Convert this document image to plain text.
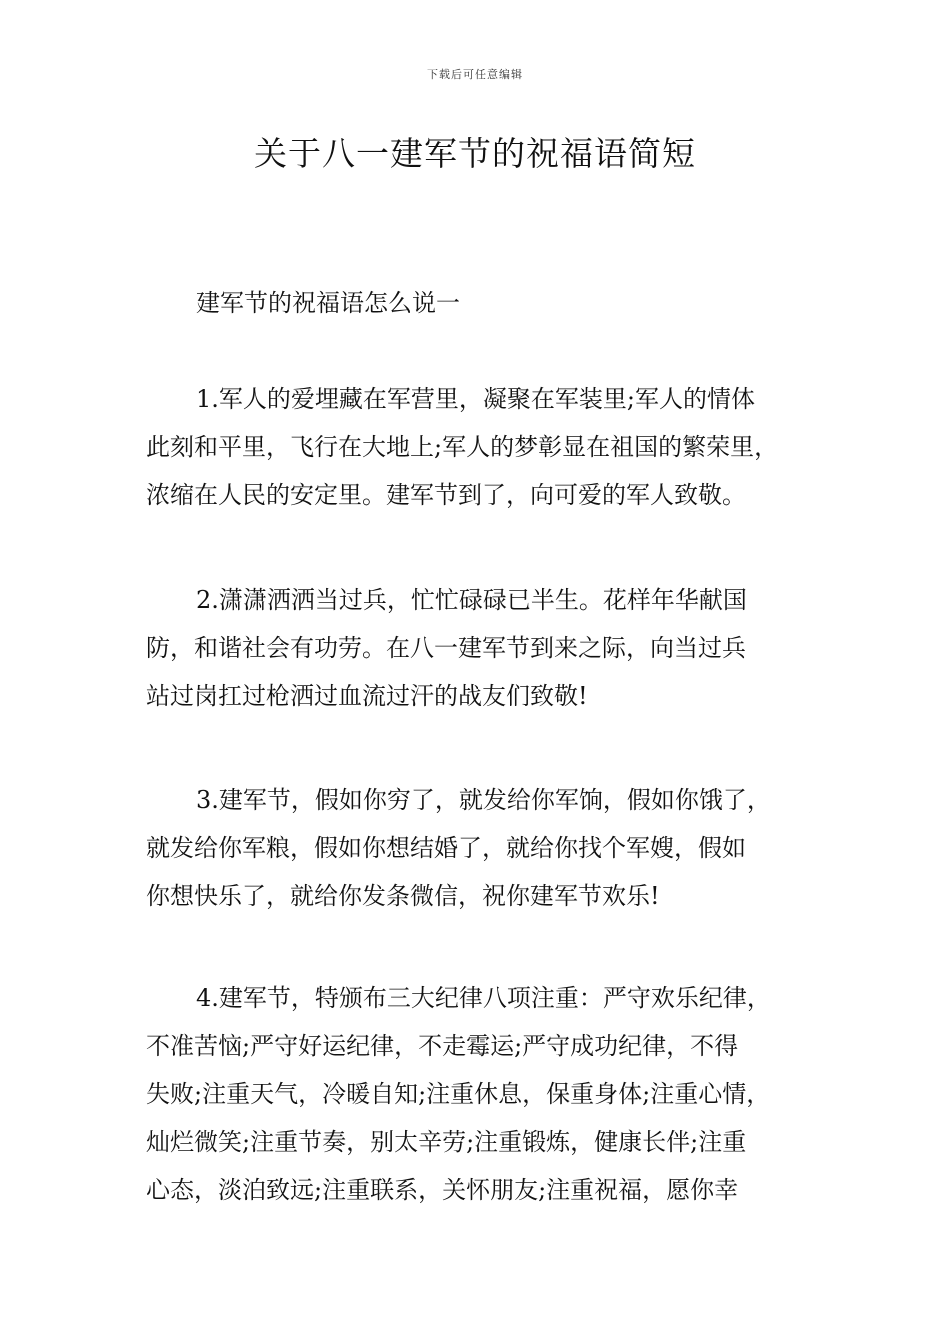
下载后可任意编辑
关于八一建军节的祝福语简短

建军节的祝福语怎么说一

1.军人的爱埋藏在军营里，凝聚在军装里;军人的情体
此刻和平里，飞行在大地上;军人的梦彰显在祖国的繁荣里，
浓缩在人民的安定里。建军节到了，向可爱的军人致敬。

2.潇潇洒洒当过兵，忙忙碌碌已半生。花样年华献国
防，和谐社会有功劳。在八一建军节到来之际，向当过兵
站过岗扛过枪洒过血流过汗的战友们致敬!

3.建军节，假如你穷了，就发给你军饷，假如你饿了，
就发给你军粮，假如你想结婚了，就给你找个军嫂，假如
你想快乐了，就给你发条微信，祝你建军节欢乐!

4.建军节，特颁布三大纪律八项注重：严守欢乐纪律，
不准苦恼;严守好运纪律，不走霉运;严守成功纪律，不得
失败;注重天气，冷暖自知;注重休息，保重身体;注重心情，
灿烂微笑;注重节奏，别太辛劳;注重锻炼，健康长伴;注重
心态，淡泊致远;注重联系，关怀朋友;注重祝福，愿你幸
